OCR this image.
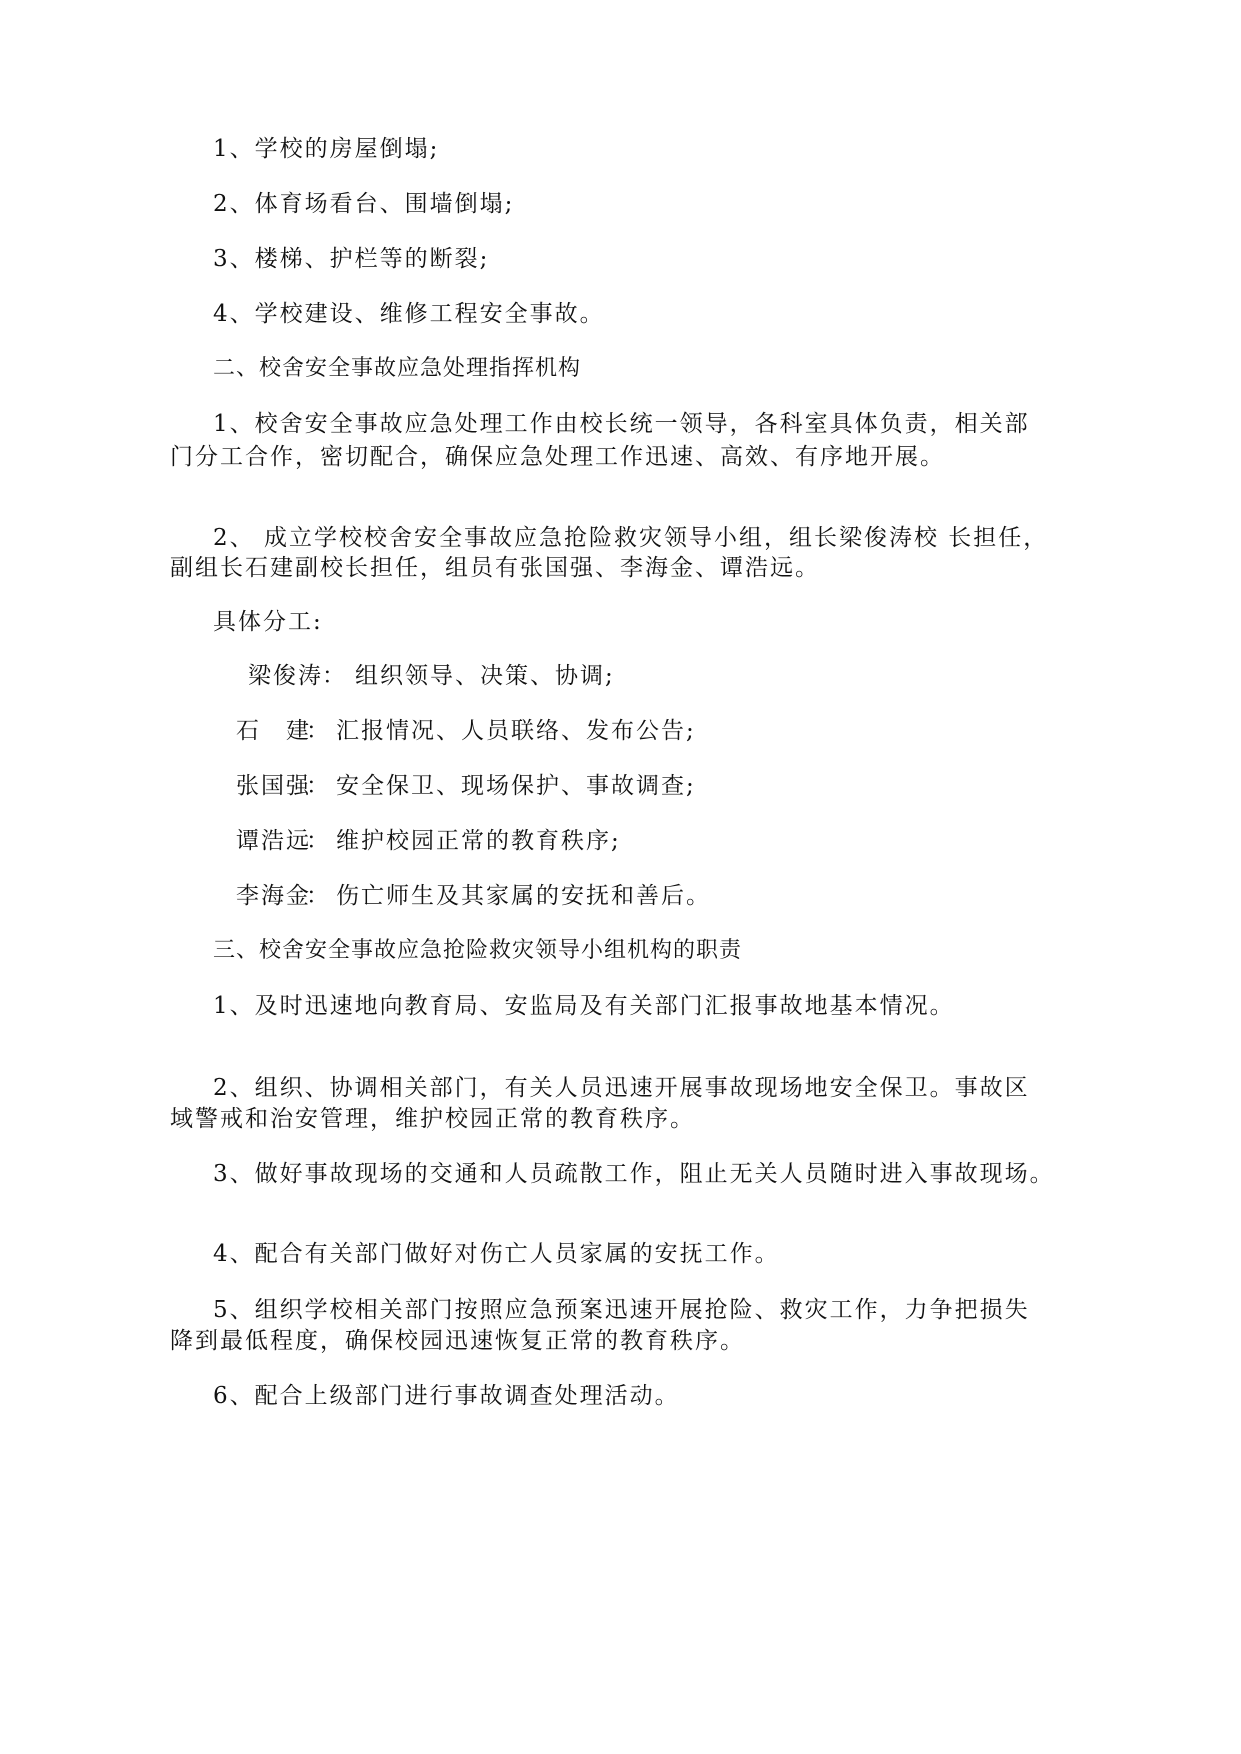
1、学校的房屋倒塌;
2、体育场看台、围墙倒塌;
3、楼梯、护栏等的断裂;
4、学校建设、维修工程安全事故。
二、校舍安全事故应急处理指挥机构
1、校舍安全事故应急处理工作由校长统一领导，各科室具体负责，相关部
门分工合作，密切配合，确保应急处理工作迅速、高效、有序地开展。
2、 成立学校校舍安全事故应急抢险救灾领导小组，组长梁俊涛校 长担任，
副组长石建副校长担任，组员有张国强、李海金、谭浩远。
具体分工:
梁俊涛 ： 组织领导、决策、协调;
石　建
： 汇报情况、人员联络、发布公告;
张国强
： 安全保卫、现场保护、事故调查;
谭浩远
： 维护校园正常的教育秩序;
李海金
： 伤亡师生及其家属的安抚和善后。
三、校舍安全事故应急抢险救灾领导小组机构的职责
1、及时迅速地向教育局、安监局及有关部门汇报事故地基本情况。
2、组织、协调相关部门，有关人员迅速开展事故现场地安全保卫。事故区
域警戒和治安管理，维护校园正常的教育秩序。
3、做好事故现场的交通和人员疏散工作，阻止无关人员随时进入事故现场。
4、配合有关部门做好对伤亡人员家属的安抚工作。
5、组织学校相关部门按照应急预案迅速开展抢险、救灾工作，力争把损失
降到最低程度，确保校园迅速恢复正常的教育秩序。
6、配合上级部门进行事故调查处理活动。
